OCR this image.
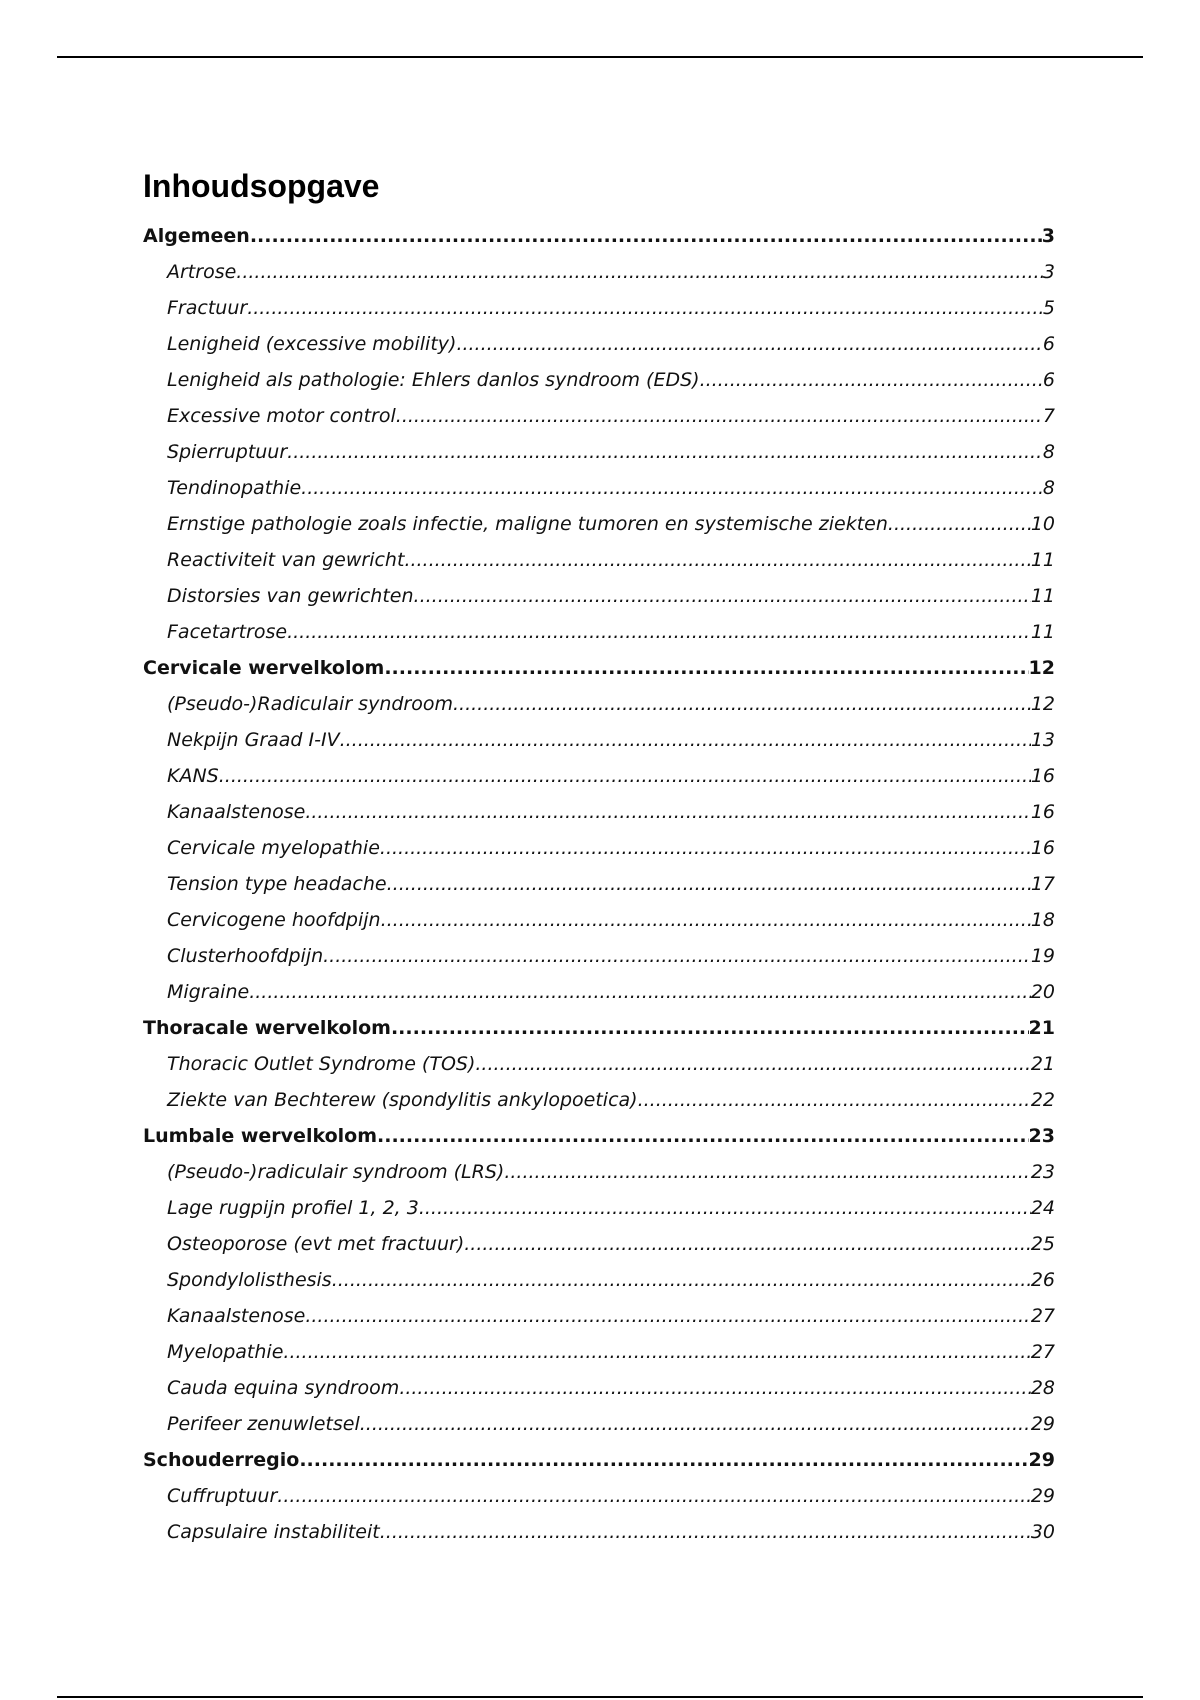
Inhoudsopgave
Algemeen .....	3
Artrose .....	3
Fractuur .....	5
Lenigheid (excessive mobility) .....	6
Lenigheid als pathologie: Ehlers danlos syndroom (EDS) .....	6
Excessive motor control .....	7
Spierruptuur .....	8
Tendinopathie .....	8
Ernstige pathologie zoals infectie, maligne tumoren en systemische ziekten .....	10
Reactiviteit van gewricht .....	11
Distorsies van gewrichten .....	11
Facetartrose .....	11
Cervicale wervelkolom .....	12
(Pseudo-)Radiculair syndroom .....	12
Nekpijn Graad I-IV .....	13
KANS .....	16
Kanaalstenose .....	16
Cervicale myelopathie .....	16
Tension type headache .....	17
Cervicogene hoofdpijn .....	18
Clusterhoofdpijn .....	19
Migraine .....	20
Thoracale wervelkolom .....	21
Thoracic Outlet Syndrome (TOS) .....	21
Ziekte van Bechterew (spondylitis ankylopoetica) .....	22
Lumbale wervelkolom .....	23
(Pseudo-)radiculair syndroom (LRS) .....	23
Lage rugpijn profiel 1, 2, 3 .....	24
Osteoporose (evt met fractuur) .....	25
Spondylolisthesis .....	26
Kanaalstenose .....	27
Myelopathie .....	27
Cauda equina syndroom .....	28
Perifeer zenuwletsel .....	29
Schouderregio .....	29
Cuffruptuur .....	29
Capsulaire instabiliteit .....	30
